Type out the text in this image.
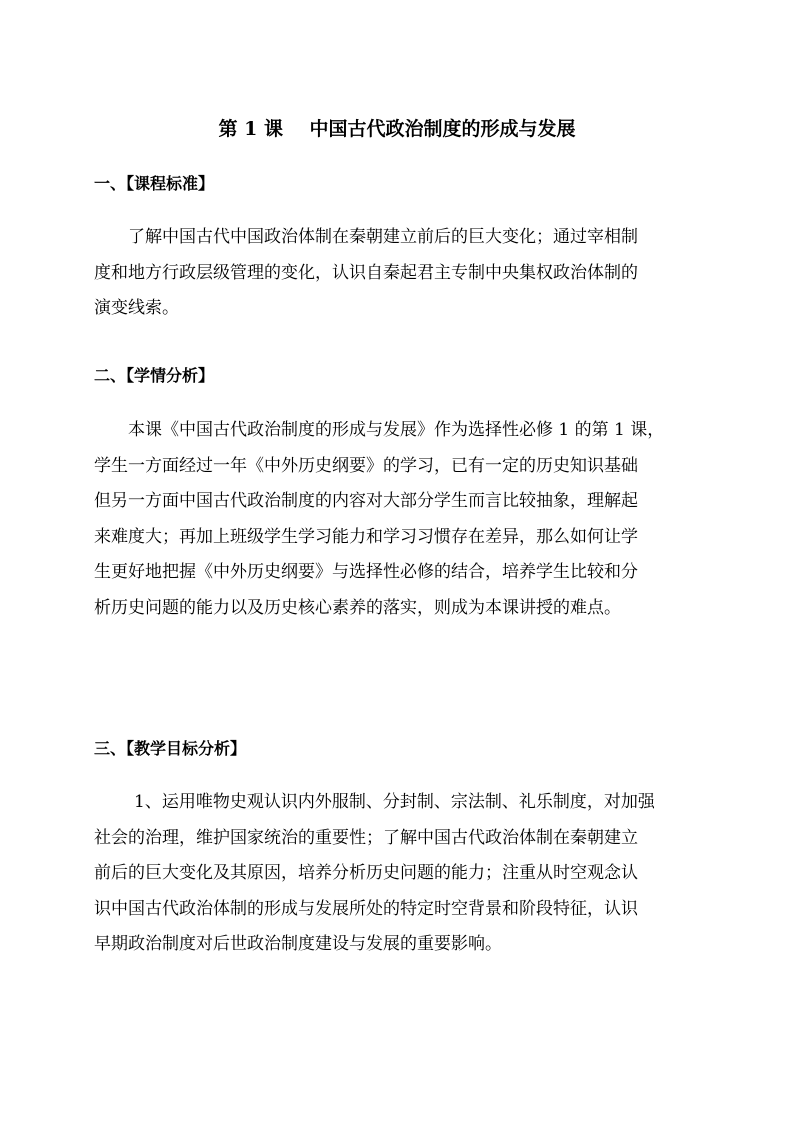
第 1 课    中国古代政治制度的形成与发展
一、【课程标准】
了解中国古代中国政治体制在秦朝建立前后的巨大变化；通过宰相制
度和地方行政层级管理的变化，认识自秦起君主专制中央集权政治体制的
演变线索。
二、【学情分析】
本课《中国古代政治制度的形成与发展》作为选择性必修 1 的第 1 课，
学生一方面经过一年《中外历史纲要》的学习，已有一定的历史知识基础
但另一方面中国古代政治制度的内容对大部分学生而言比较抽象，理解起
来难度大；再加上班级学生学习能力和学习习惯存在差异，那么如何让学
生更好地把握《中外历史纲要》与选择性必修的结合，培养学生比较和分
析历史问题的能力以及历史核心素养的落实，则成为本课讲授的难点。
三、【教学目标分析】
1、运用唯物史观认识内外服制、分封制、宗法制、礼乐制度，对加强
社会的治理，维护国家统治的重要性；了解中国古代政治体制在秦朝建立
前后的巨大变化及其原因，培养分析历史问题的能力；注重从时空观念认
识中国古代政治体制的形成与发展所处的特定时空背景和阶段特征，认识
早期政治制度对后世政治制度建设与发展的重要影响。
